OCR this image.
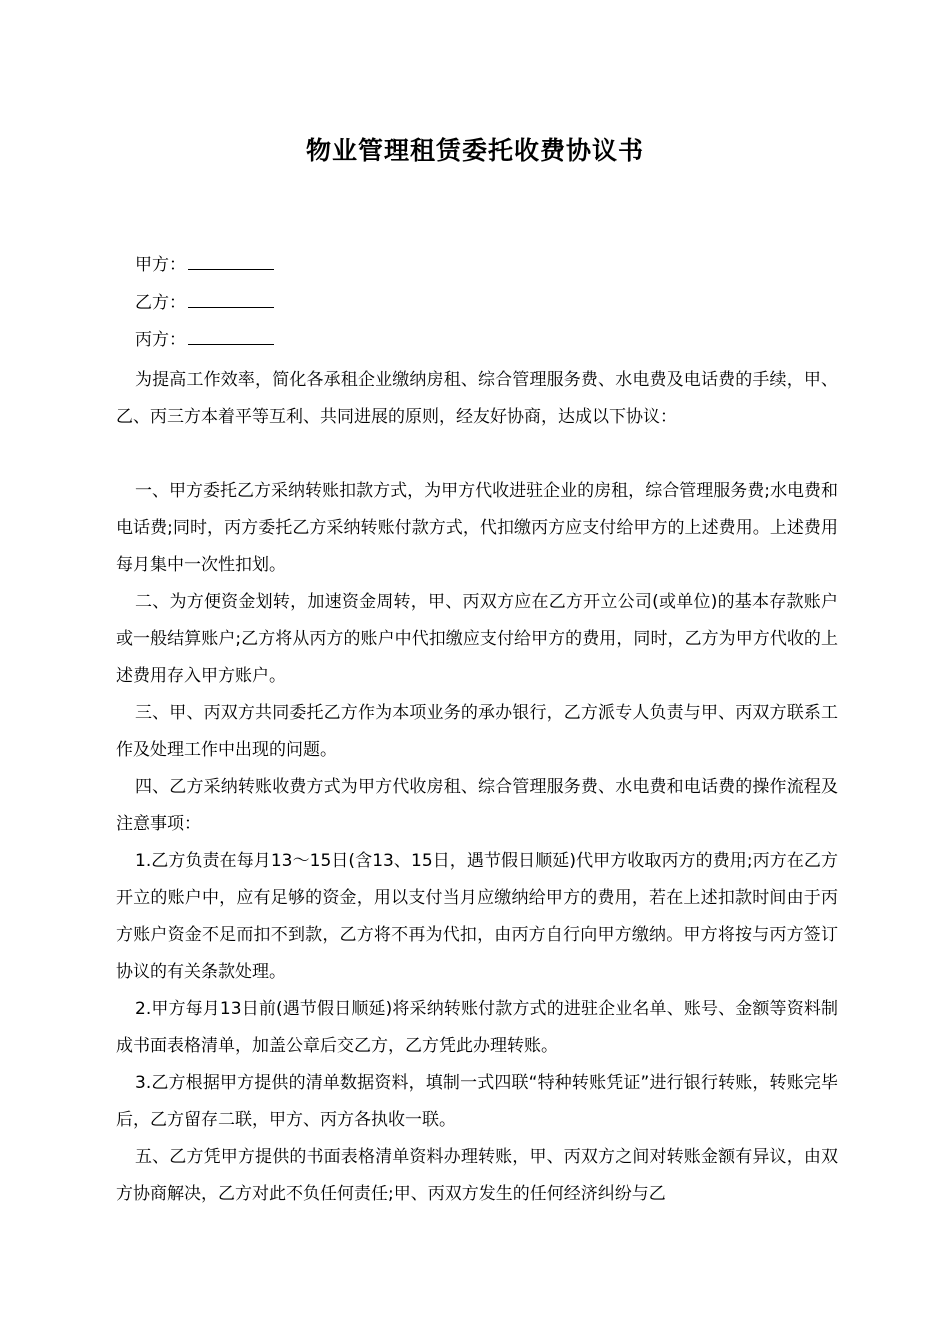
物业管理租赁委托收费协议书
甲方：
乙方：
丙方：

为提高工作效率，简化各承租企业缴纳房租、综合管理服务费、水电费及电话费的手续，甲、乙、丙三方本着平等互利、共同进展的原则，经友好协商，达成以下协议：

一、甲方委托乙方采纳转账扣款方式，为甲方代收进驻企业的房租，综合管理服务费;水电费和电话费;同时，丙方委托乙方采纳转账付款方式，代扣缴丙方应支付给甲方的上述费用。上述费用每月集中一次性扣划。

二、为方便资金划转，加速资金周转，甲、丙双方应在乙方开立公司(或单位)的基本存款账户或一般结算账户;乙方将从丙方的账户中代扣缴应支付给甲方的费用，同时，乙方为甲方代收的上述费用存入甲方账户。

三、甲、丙双方共同委托乙方作为本项业务的承办银行，乙方派专人负责与甲、丙双方联系工作及处理工作中出现的问题。

四、乙方采纳转账收费方式为甲方代收房租、综合管理服务费、水电费和电话费的操作流程及注意事项：

1.乙方负责在每月13～15日(含13、15日，遇节假日顺延)代甲方收取丙方的费用;丙方在乙方开立的账户中，应有足够的资金，用以支付当月应缴纳给甲方的费用，若在上述扣款时间由于丙方账户资金不足而扣不到款，乙方将不再为代扣，由丙方自行向甲方缴纳。甲方将按与丙方签订协议的有关条款处理。

2.甲方每月13日前(遇节假日顺延)将采纳转账付款方式的进驻企业名单、账号、金额等资料制成书面表格清单，加盖公章后交乙方，乙方凭此办理转账。

3.乙方根据甲方提供的清单数据资料，填制一式四联“特种转账凭证”进行银行转账，转账完毕后，乙方留存二联，甲方、丙方各执收一联。

五、乙方凭甲方提供的书面表格清单资料办理转账，甲、丙双方之间对转账金额有异议，由双方协商解决，乙方对此不负任何责任;甲、丙双方发生的任何经济纠纷与乙
